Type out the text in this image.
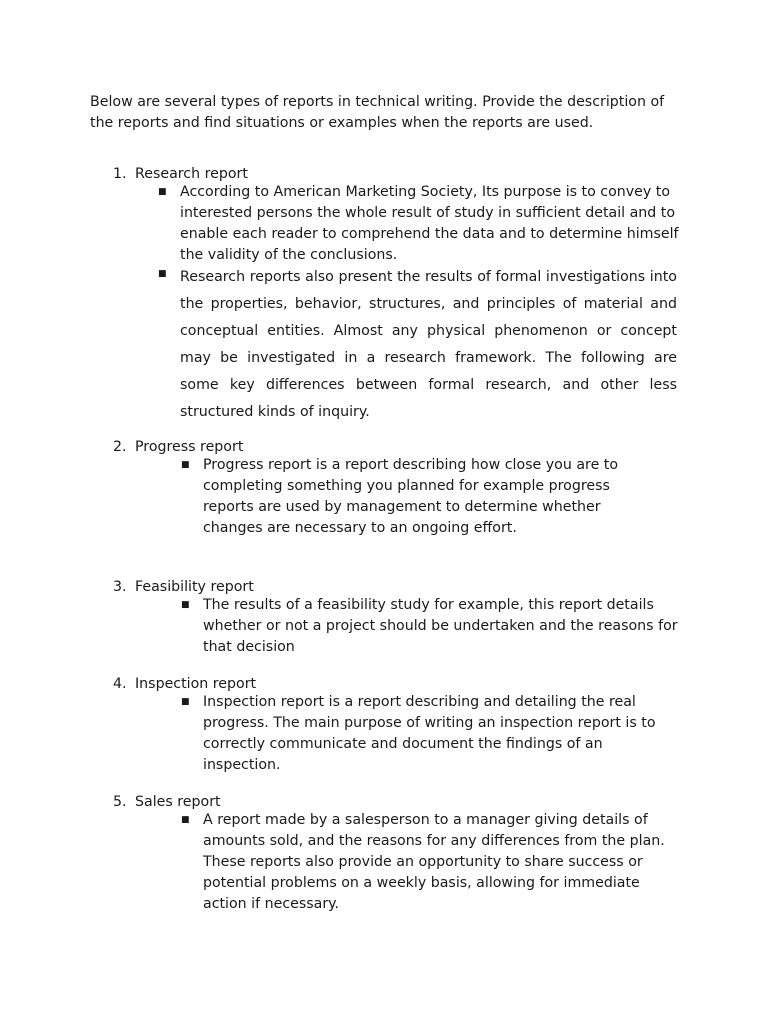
Below are several types of reports in technical writing. Provide the description of the reports and find situations or examples when the reports are used.

1. Research report
■ According to American Marketing Society, Its purpose is to convey to interested persons the whole result of study in sufficient detail and to enable each reader to comprehend the data and to determine himself the validity of the conclusions.
■ Research reports also present the results of formal investigations into the properties, behavior, structures, and principles of material and conceptual entities. Almost any physical phenomenon or concept may be investigated in a research framework. The following are some key differences between formal research, and other less structured kinds of inquiry.
2. Progress report
■ Progress report is a report describing how close you are to completing something you planned for example progress reports are used by management to determine whether changes are necessary to an ongoing effort.
3. Feasibility report
■ The results of a feasibility study for example, this report details whether or not a project should be undertaken and the reasons for that decision
4. Inspection report
■ Inspection report is a report describing and detailing the real progress. The main purpose of writing an inspection report is to correctly communicate and document the findings of an inspection.
5. Sales report
■ A report made by a salesperson to a manager giving details of amounts sold, and the reasons for any differences from the plan. These reports also provide an opportunity to share success or potential problems on a weekly basis, allowing for immediate action if necessary.
